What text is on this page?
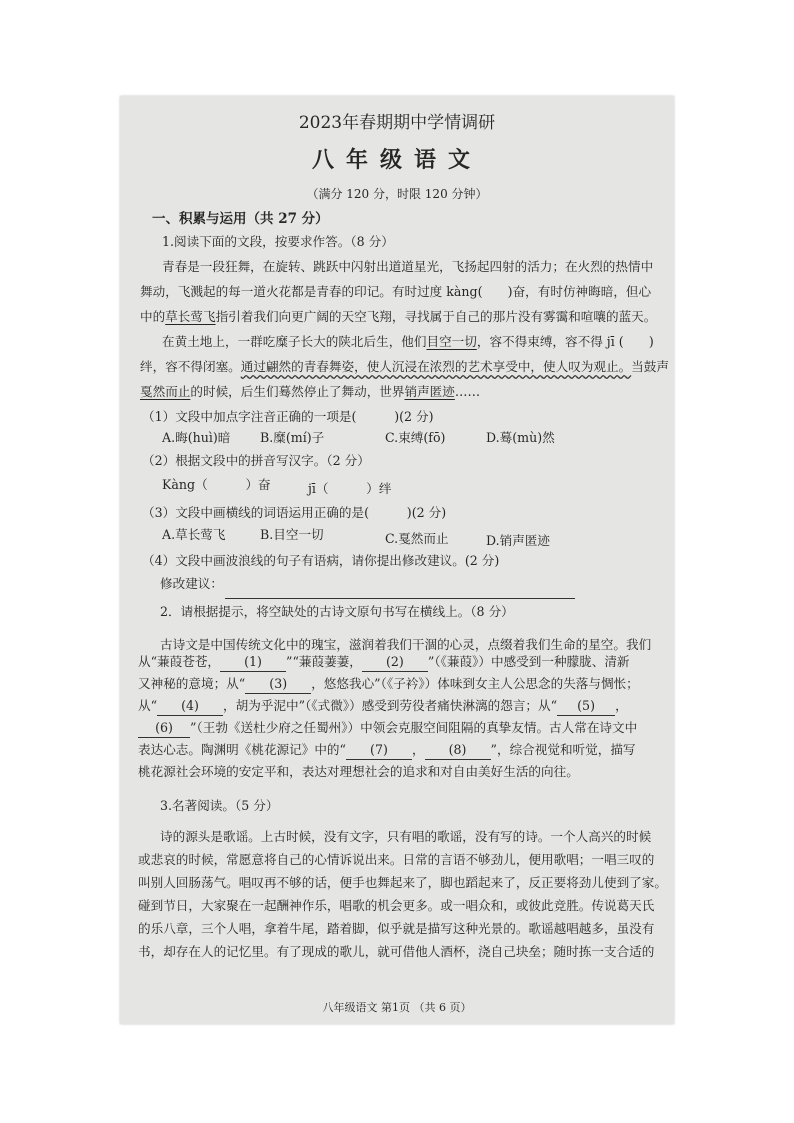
2023年春期期中学情调研
八年级语文
（满分 120 分，时限 120 分钟）
一、积累与运用（共 27 分）
1.阅读下面的文段，按要求作答。（8 分）
青春是一段狂舞，在旋转、跳跃中闪射出道道星光，飞扬起四射的活力；在火烈的热情中
舞动，飞溅起的每一道火花都是青春的印记。有时过度 kàng(　　)奋，有时仿神晦暗，但心
中的草长莺飞指引着我们向更广阔的天空飞翔，寻找属于自己的那片没有雾霭和喧嚷的蓝天。
在黄土地上，一群吃糜子长大的陕北后生，他们目空一切，容不得束缚，容不得 jī (　　)
绊，容不得闭塞。通过翩然的青春舞姿，使人沉浸在浓烈的艺术享受中，使人叹为观止。当鼓声
戛然而止的时候，后生们蓦然停止了舞动，世界销声匿迹……
（1）文段中加点字注音正确的一项是(　　　)(2 分)
A.晦(huì)暗 B.糜(mí)子	C.束缚(fō)	D.蓦(mù)然
（2）根据文段中的拼音写汉字。（2 分）
Kàng（　　　）奋	jī（　　　）绊
（3）文段中画横线的词语运用正确的是(　　　)(2 分)
A.草长莺飞	B.目空一切	C.戛然而止	D.销声匿迹
（4）文段中画波浪线的句子有语病，请你提出修改建议。(2 分)
修改建议：
2．请根据提示，将空缺处的古诗文原句书写在横线上。（8 分）
古诗文是中国传统文化中的瑰宝，滋润着我们干涸的心灵，点缀着我们生命的星空。我们
从“蒹葭苍苍， (1) ”“蒹葭萋萋， (2) ”（《蒹葭》）中感受到一种朦胧、清新
又神秘的意境；从“ (3) ，悠悠我心”（《子衿》）体味到女主人公思念的失落与惆怅；
从“ (4) ，胡为乎泥中”（《式微》）感受到劳役者痛快淋漓的怨言；从“ (5) ，
(6) ”（王勃《送杜少府之任蜀州》）中领会克服空间阻隔的真挚友情。古人常在诗文中
表达心志。陶渊明《桃花源记》中的“ (7) ， (8) ”，综合视觉和听觉，描写
桃花源社会环境的安定平和，表达对理想社会的追求和对自由美好生活的向往。
3.名著阅读。（5 分）
诗的源头是歌谣。上古时候，没有文字，只有唱的歌谣，没有写的诗。一个人高兴的时候
或悲哀的时候，常愿意将自己的心情诉说出来。日常的言语不够劲儿，便用歌唱；一唱三叹的
叫别人回肠荡气。唱叹再不够的话，便手也舞起来了，脚也蹈起来了，反正要将劲儿使到了家。
碰到节日，大家聚在一起酬神作乐，唱歌的机会更多。或一唱众和，或彼此竞胜。传说葛天氏
的乐八章，三个人唱，拿着牛尾，踏着脚，似乎就是描写这种光景的。歌谣越唱越多，虽没有
书，却存在人的记忆里。有了现成的歌儿，就可借他人酒杯，浇自己块垒；随时拣一支合适的
八年级语文 第1页 （共 6 页）
